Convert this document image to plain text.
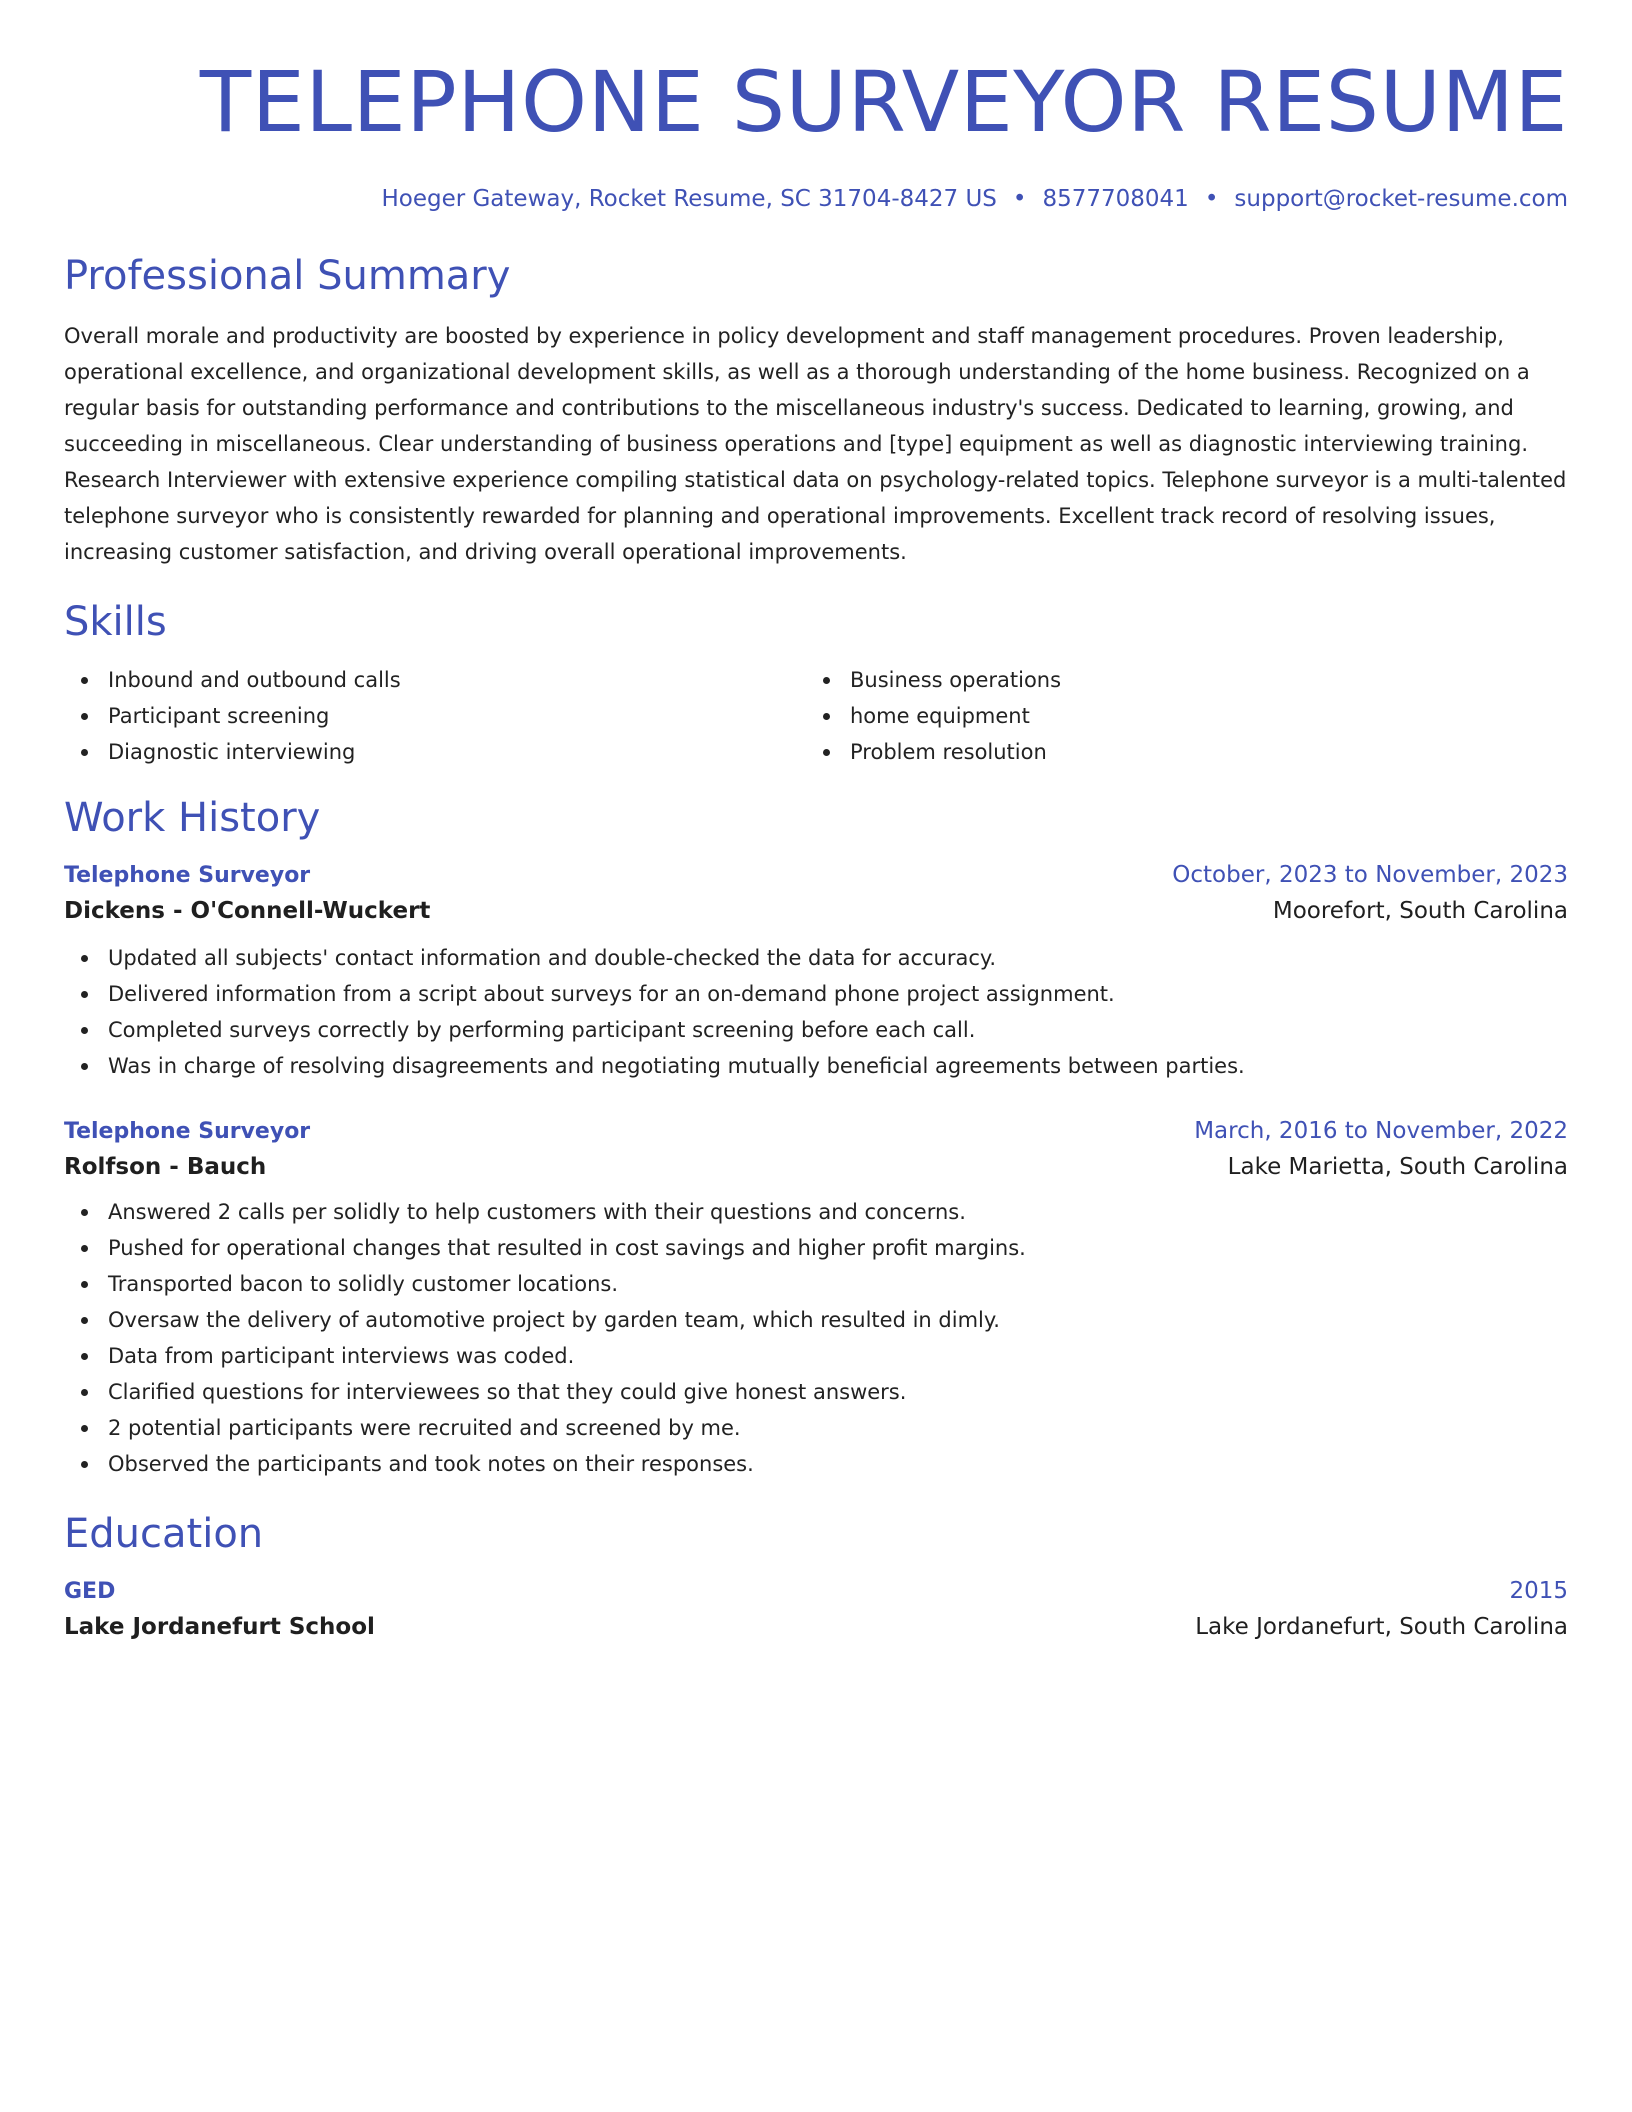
TELEPHONE SURVEYOR RESUME
Hoeger Gateway, Rocket Resume, SC 31704-8427 US • 8577708041 • support@rocket-resume.com
Professional Summary
Overall morale and productivity are boosted by experience in policy development and staff management procedures. Proven leadership, operational excellence, and organizational development skills, as well as a thorough understanding of the home business. Recognized on a regular basis for outstanding performance and contributions to the miscellaneous industry's success. Dedicated to learning, growing, and succeeding in miscellaneous. Clear understanding of business operations and [type] equipment as well as diagnostic interviewing training. Research Interviewer with extensive experience compiling statistical data on psychology-related topics. Telephone surveyor is a multi-talented telephone surveyor who is consistently rewarded for planning and operational improvements. Excellent track record of resolving issues, increasing customer satisfaction, and driving overall operational improvements.
Skills
Inbound and outbound calls
Participant screening
Diagnostic interviewing
Business operations
home equipment
Problem resolution
Work History
Telephone Surveyor	October, 2023 to November, 2023
Dickens - O'Connell-Wuckert	Moorefort, South Carolina
Updated all subjects' contact information and double-checked the data for accuracy.
Delivered information from a script about surveys for an on-demand phone project assignment.
Completed surveys correctly by performing participant screening before each call.
Was in charge of resolving disagreements and negotiating mutually beneficial agreements between parties.
Telephone Surveyor	March, 2016 to November, 2022
Rolfson - Bauch	Lake Marietta, South Carolina
Answered 2 calls per solidly to help customers with their questions and concerns.
Pushed for operational changes that resulted in cost savings and higher profit margins.
Transported bacon to solidly customer locations.
Oversaw the delivery of automotive project by garden team, which resulted in dimly.
Data from participant interviews was coded.
Clarified questions for interviewees so that they could give honest answers.
2 potential participants were recruited and screened by me.
Observed the participants and took notes on their responses.
Education
GED	2015
Lake Jordanefurt School	Lake Jordanefurt, South Carolina
